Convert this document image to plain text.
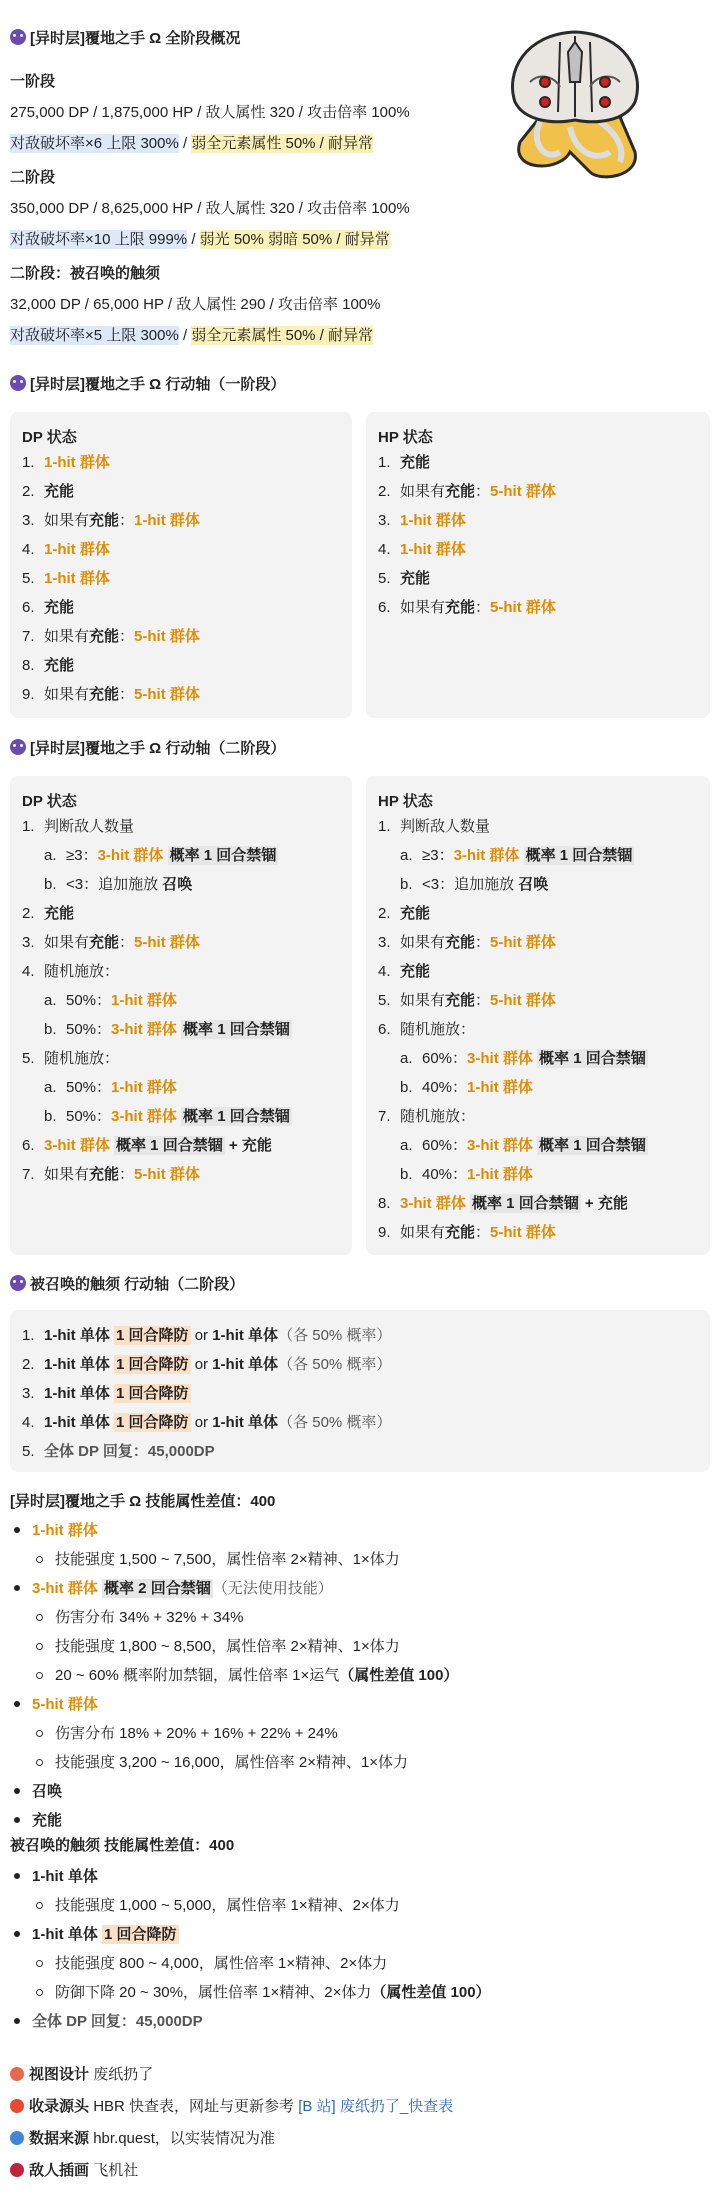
[异时层]覆地之手 Ω 全阶段概况
一阶段
275,000 DP / 1,875,000 HP / 敌人属性 320 / 攻击倍率 100%
对敌破坏率×6 上限 300% / 弱全元素属性 50% / 耐异常
二阶段
350,000 DP / 8,625,000 HP / 敌人属性 320 / 攻击倍率 100%
对敌破坏率×10 上限 999% / 弱光 50% 弱暗 50% / 耐异常
二阶段：被召唤的触须
32,000 DP / 65,000 HP / 敌人属性 290 / 攻击倍率 100%
对敌破坏率×5 上限 300% / 弱全元素属性 50% / 耐异常
[异时层]覆地之手 Ω 行动轴（一阶段）
DP 状态
1. 1-hit 群体
2. 充能
3. 如果有充能：1-hit 群体
4. 1-hit 群体
5. 1-hit 群体
6. 充能
7. 如果有充能：5-hit 群体
8. 充能
9. 如果有充能：5-hit 群体
HP 状态
1. 充能
2. 如果有充能：5-hit 群体
3. 1-hit 群体
4. 1-hit 群体
5. 充能
6. 如果有充能：5-hit 群体
[异时层]覆地之手 Ω 行动轴（二阶段）
DP 状态
1. 判断敌人数量
a. ≥3：3-hit 群体 概率 1 回合禁锢
b. <3：追加施放 召唤
2. 充能
3. 如果有充能：5-hit 群体
4. 随机施放：
a. 50%：1-hit 群体
b. 50%：3-hit 群体 概率 1 回合禁锢
5. 随机施放：
a. 50%：1-hit 群体
b. 50%：3-hit 群体 概率 1 回合禁锢
6. 3-hit 群体 概率 1 回合禁锢 + 充能
7. 如果有充能：5-hit 群体
HP 状态
1. 判断敌人数量
a. ≥3：3-hit 群体 概率 1 回合禁锢
b. <3：追加施放 召唤
2. 充能
3. 如果有充能：5-hit 群体
4. 充能
5. 如果有充能：5-hit 群体
6. 随机施放：
a. 60%：3-hit 群体 概率 1 回合禁锢
b. 40%：1-hit 群体
7. 随机施放：
a. 60%：3-hit 群体 概率 1 回合禁锢
b. 40%：1-hit 群体
8. 3-hit 群体 概率 1 回合禁锢 + 充能
9. 如果有充能：5-hit 群体
被召唤的触须 行动轴（二阶段）
1. 1-hit 单体 1 回合降防 or 1-hit 单体（各 50% 概率）
2. 1-hit 单体 1 回合降防 or 1-hit 单体（各 50% 概率）
3. 1-hit 单体 1 回合降防
4. 1-hit 单体 1 回合降防 or 1-hit 单体（各 50% 概率）
5. 全体 DP 回复：45,000DP
[异时层]覆地之手 Ω 技能属性差值：400
被召唤的触须 技能属性差值：400
1-hit 群体
技能强度 1,500 ~ 7,500，属性倍率 2×精神、1×体力
3-hit 群体 概率 2 回合禁锢 （无法使用技能）
伤害分布 34% + 32% + 34%
技能强度 1,800 ~ 8,500，属性倍率 2×精神、1×体力
20 ~ 60% 概率附加禁锢，属性倍率 1×运气（属性差值 100）
5-hit 群体
伤害分布 18% + 20% + 16% + 22% + 24%
技能强度 3,200 ~ 16,000，属性倍率 2×精神、1×体力
召唤
充能
1-hit 单体
技能强度 1,000 ~ 5,000，属性倍率 1×精神、2×体力
1-hit 单体 1 回合降防
技能强度 800 ~ 4,000，属性倍率 1×精神、2×体力
防御下降 20 ~ 30%，属性倍率 1×精神、2×体力（属性差值 100）
全体 DP 回复：45,000DP
视图设计 废纸扔了
收录源头 HBR 快查表，网址与更新参考 [B 站] 废纸扔了_快查表
数据来源 hbr.quest，以实装情况为准
敌人插画 飞机社
